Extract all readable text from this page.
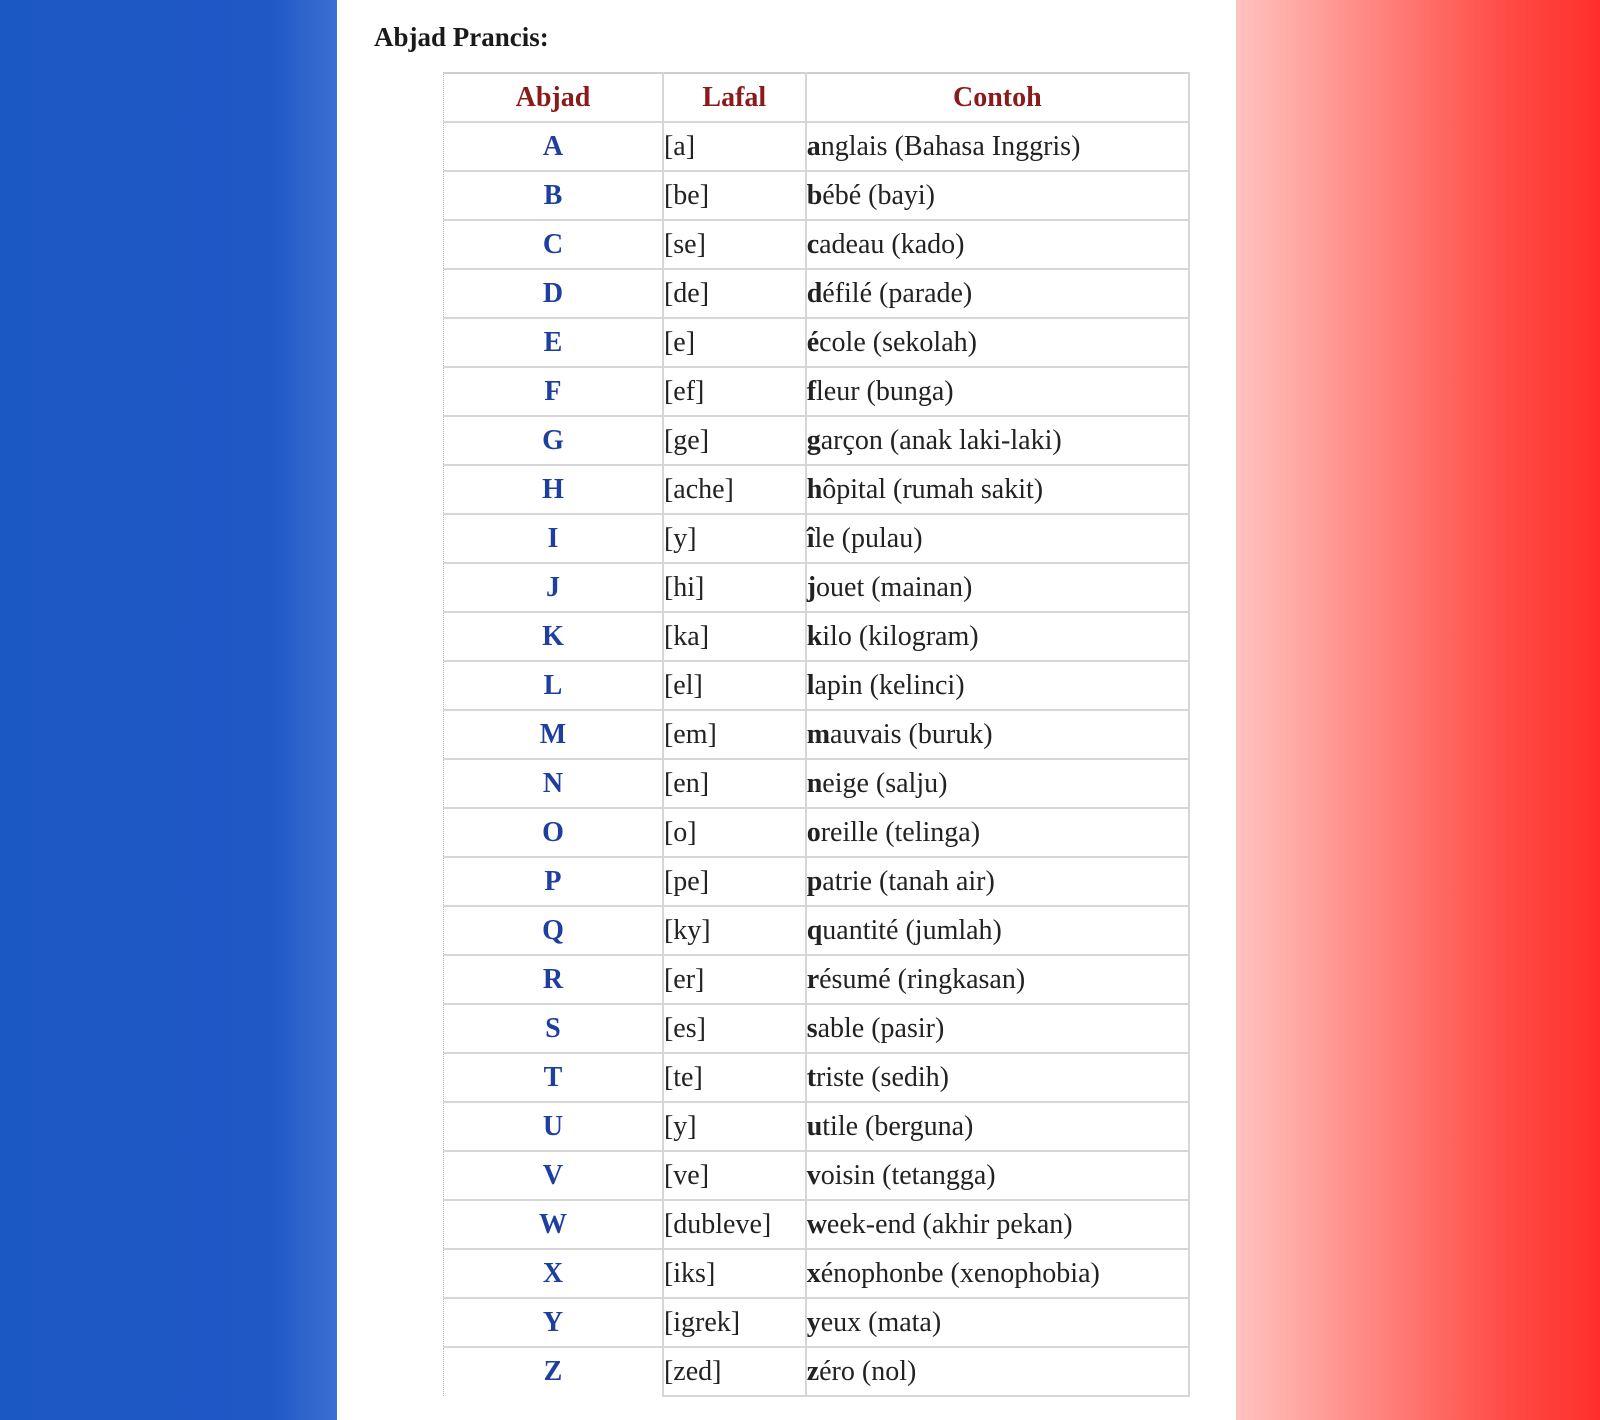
Abjad Prancis:
Abjad	Lafal	Contoh
A	[a]	anglais (Bahasa Inggris)
B	[be]	bébé (bayi)
C	[se]	cadeau (kado)
D	[de]	défilé (parade)
E	[e]	école (sekolah)
F	[ef]	fleur (bunga)
G	[ge]	garçon (anak laki-laki)
H	[ache]	hôpital (rumah sakit)
I	[y]	île (pulau)
J	[hi]	jouet (mainan)
K	[ka]	kilo (kilogram)
L	[el]	lapin (kelinci)
M	[em]	mauvais (buruk)
N	[en]	neige (salju)
O	[o]	oreille (telinga)
P	[pe]	patrie (tanah air)
Q	[ky]	quantité (jumlah)
R	[er]	résumé (ringkasan)
S	[es]	sable (pasir)
T	[te]	triste (sedih)
U	[y]	utile (berguna)
V	[ve]	voisin (tetangga)
W	[dubleve]	week-end (akhir pekan)
X	[iks]	xénophonbe (xenophobia)
Y	[igrek]	yeux (mata)
Z	[zed]	zéro (nol)
